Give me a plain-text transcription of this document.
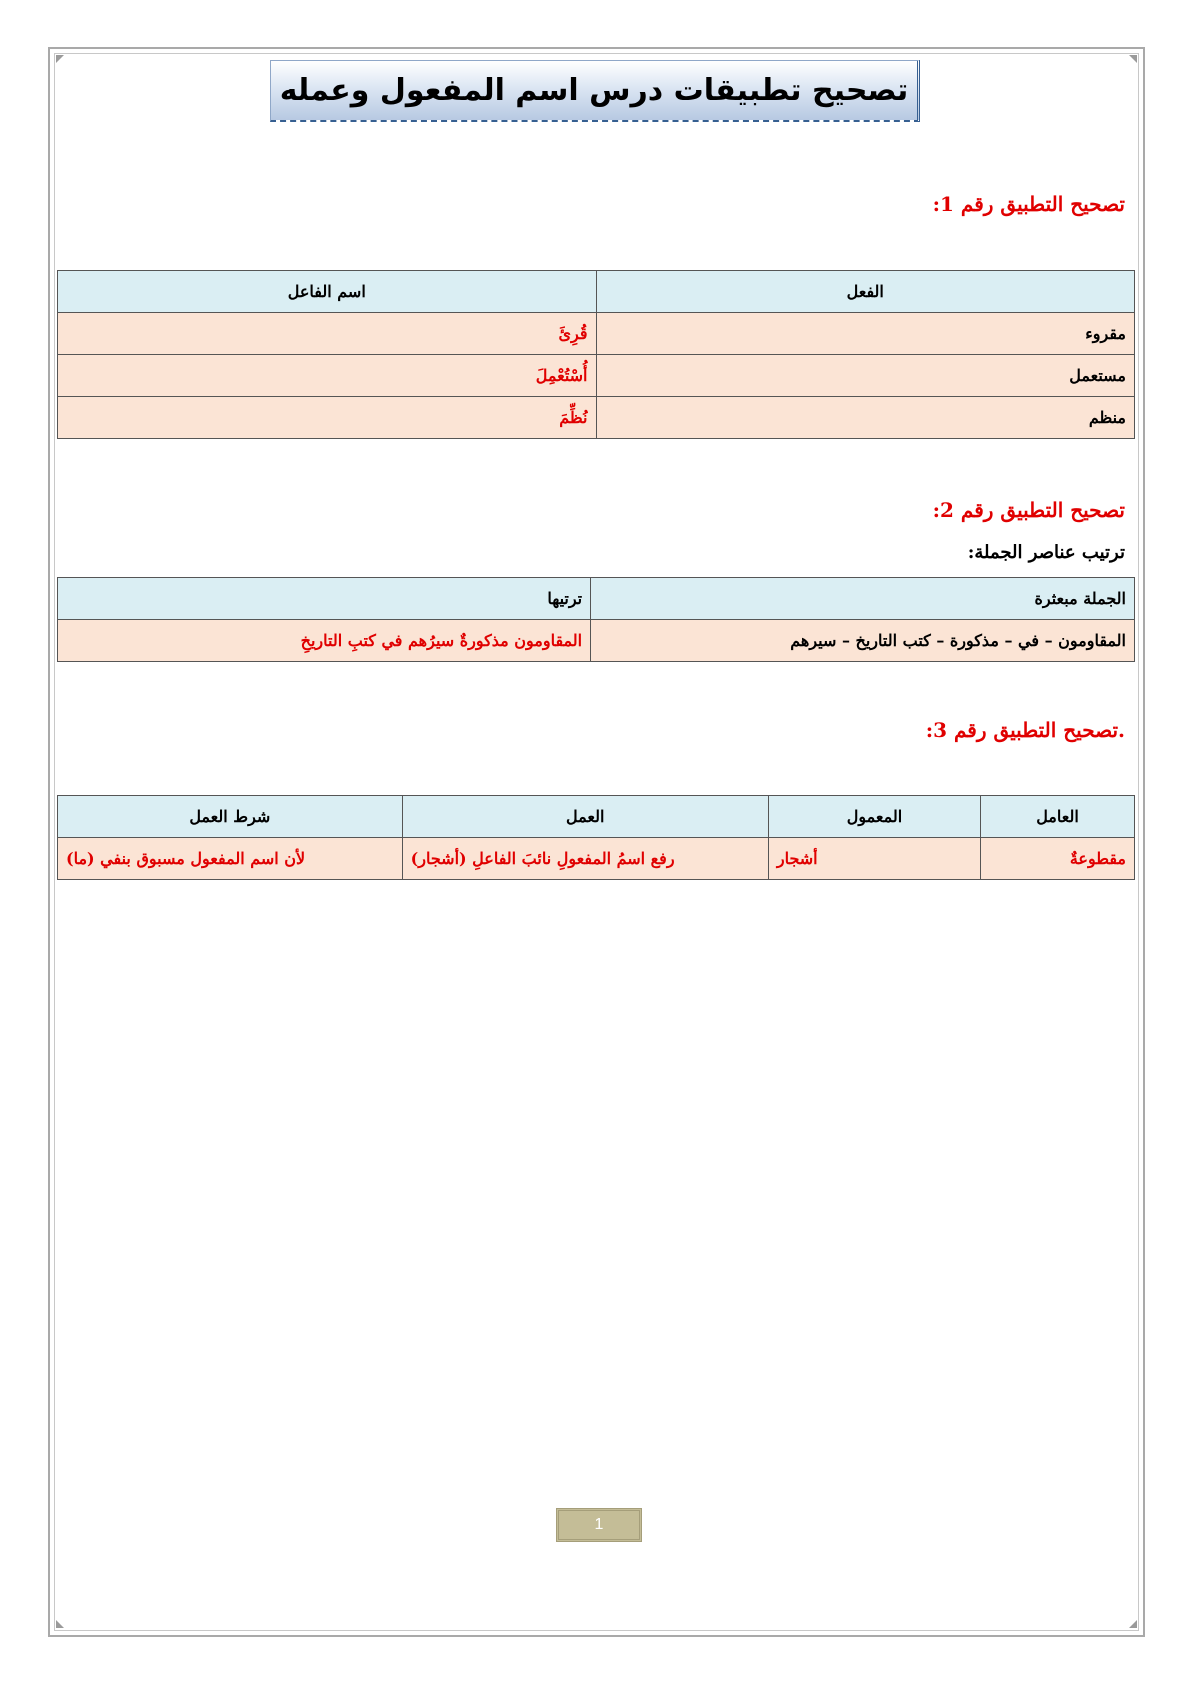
تصحيح تطبيقات درس اسم المفعول وعمله
تصحيح التطبيق رقم 1:
الفعل	اسم الفاعل
مقروء	قُرِئَ
مستعمل	أُسْتُعْمِلَ
منظم	نُظِّمَ
تصحيح التطبيق رقم 2:
ترتيب عناصر الجملة:
الجملة مبعثرة	ترتيها
المقاومون – في – مذكورة – كتب التاريخ – سيرهم	المقاومون مذكورةٌ سيرُهم في كتبِ التاريخِ
.تصحيح التطبيق رقم 3:
العامل	المعمول	العمل	شرط العمل
مقطوعةٌ	أشجار	رفع اسمُ المفعولِ نائبَ الفاعلِ (أشجار)	لأن اسم المفعول مسبوق بنفي (ما)
1
